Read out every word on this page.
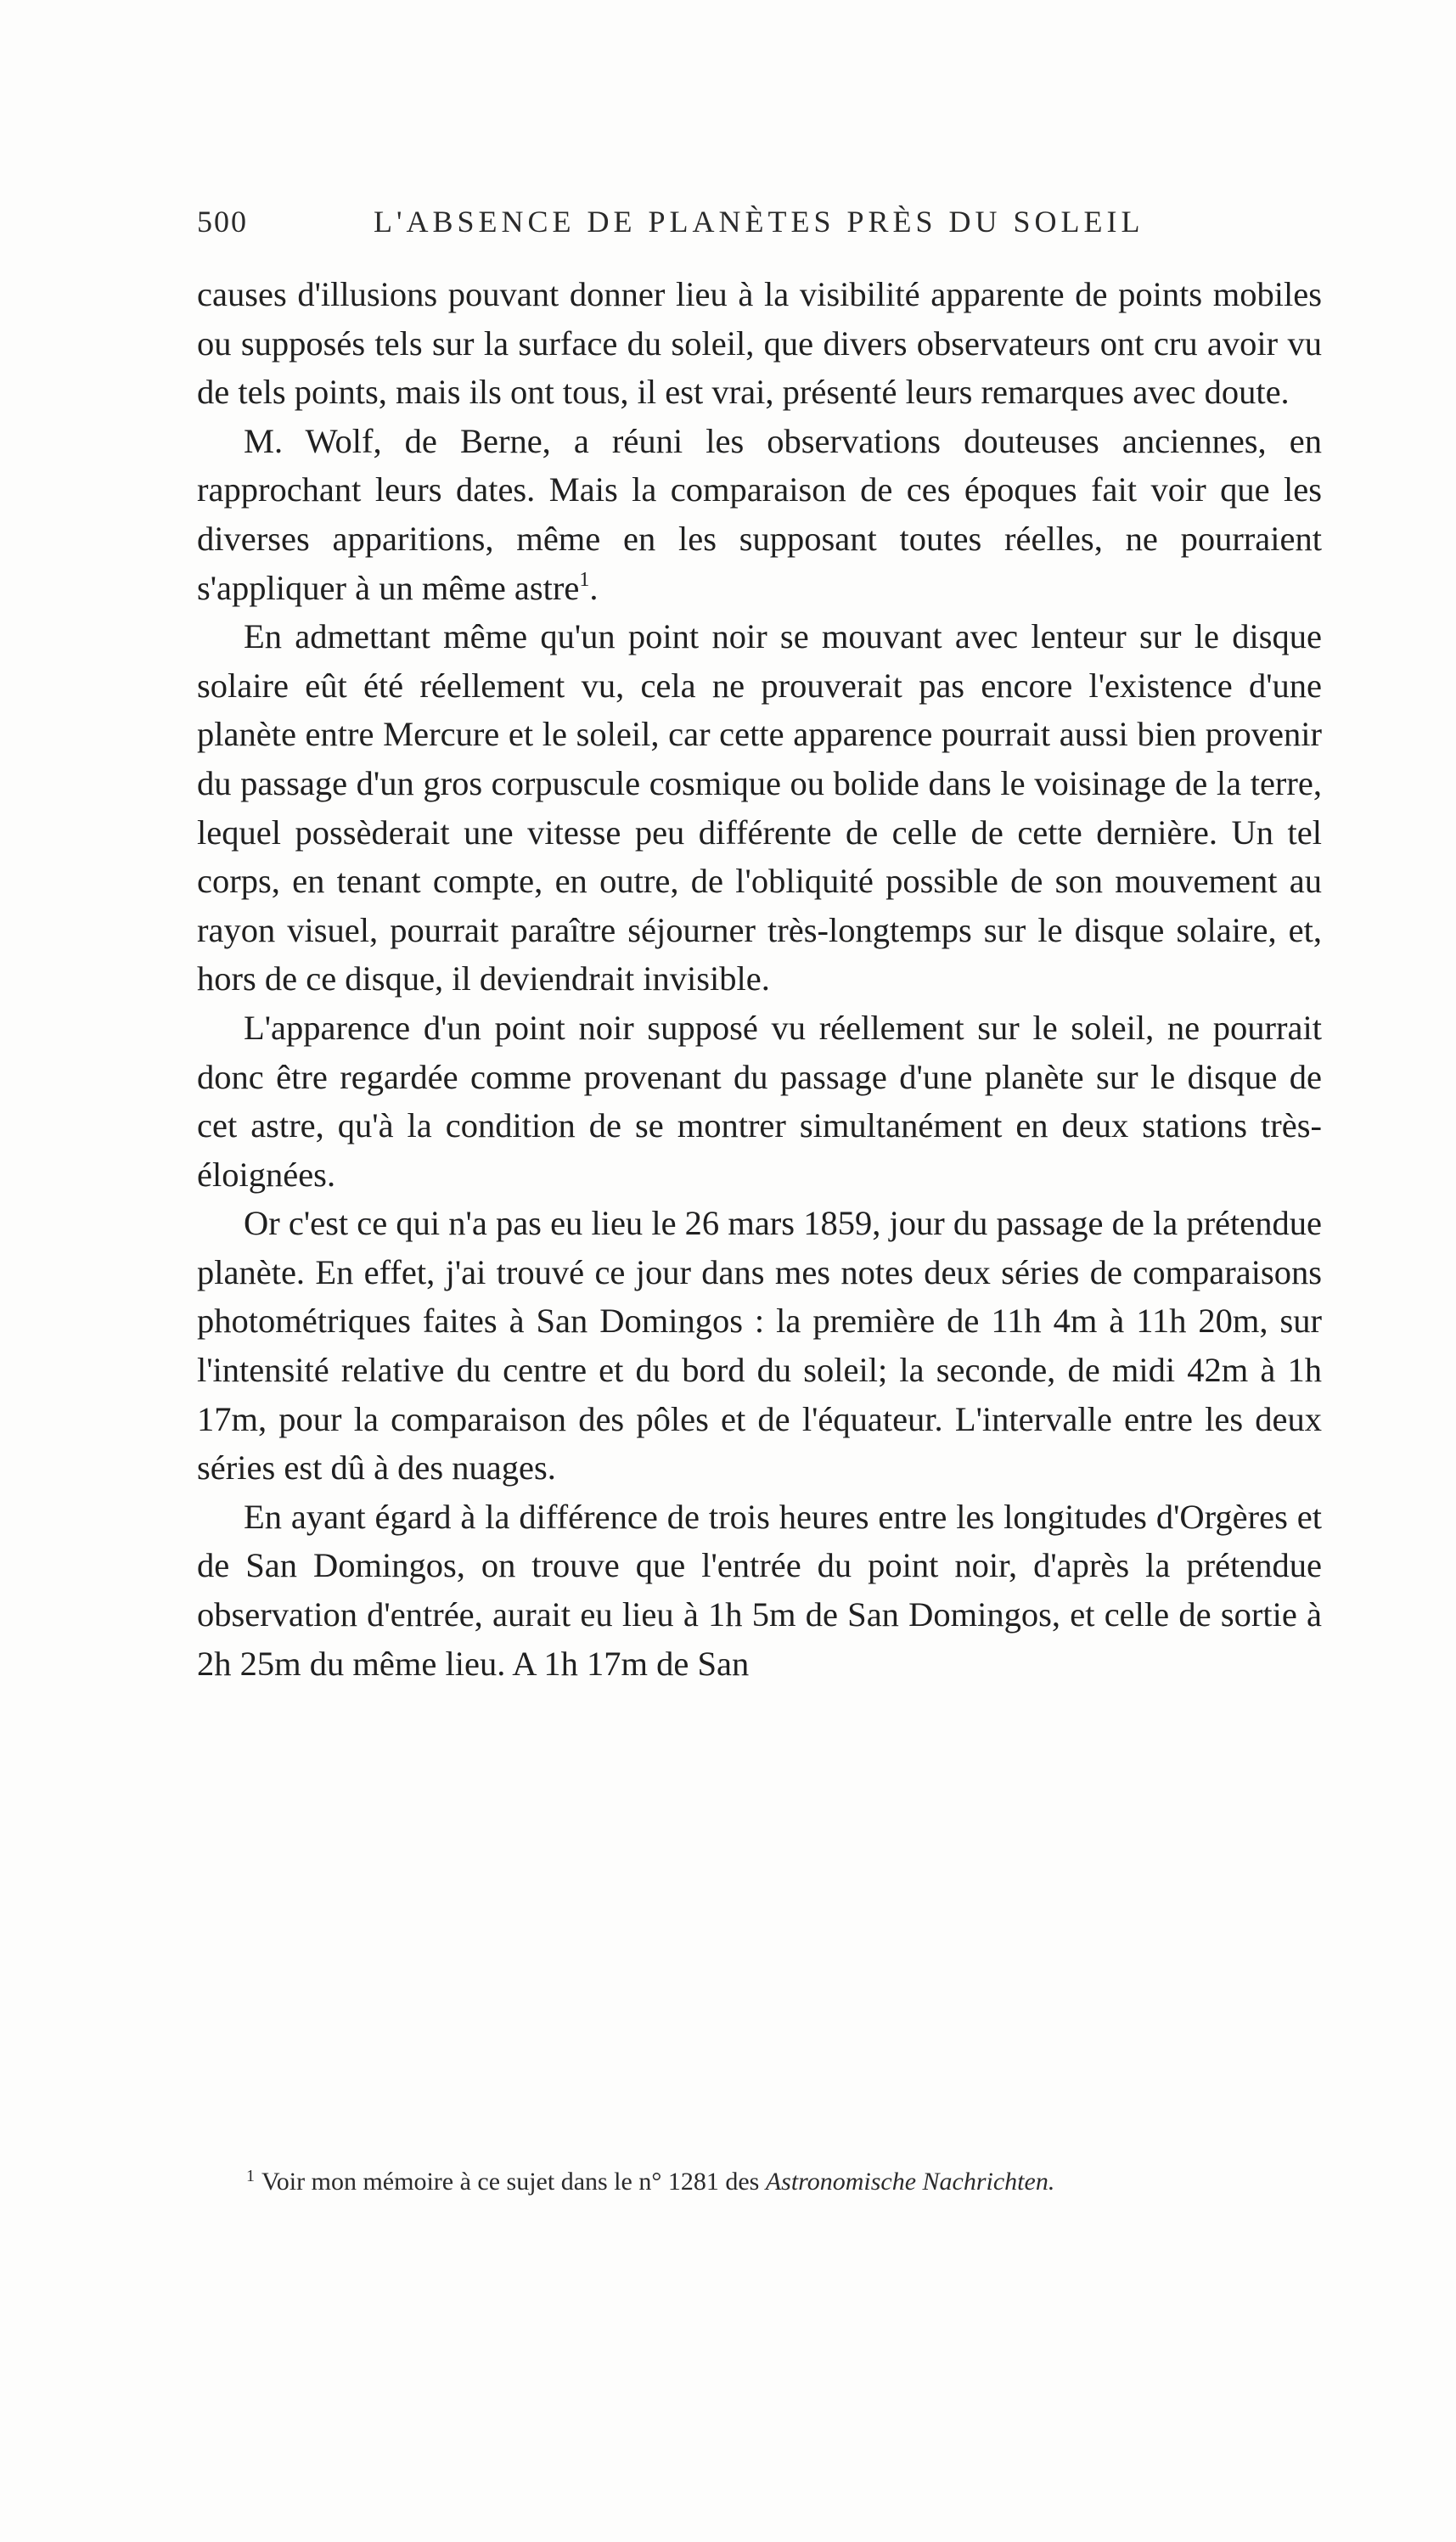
500	L'ABSENCE DE PLANÈTES PRÈS DU SOLEIL

causes d'illusions pouvant donner lieu à la visibilité apparente de points mobiles ou supposés tels sur la surface du soleil, que divers observateurs ont cru avoir vu de tels points, mais ils ont tous, il est vrai, présenté leurs remarques avec doute.

M. Wolf, de Berne, a réuni les observations douteuses anciennes, en rapprochant leurs dates. Mais la comparaison de ces époques fait voir que les diverses apparitions, même en les supposant toutes réelles, ne pourraient s'appliquer à un même astre$^1$.

En admettant même qu'un point noir se mouvant avec lenteur sur le disque solaire eût été réellement vu, cela ne prouverait pas encore l'existence d'une planète entre Mercure et le soleil, car cette apparence pourrait aussi bien provenir du passage d'un gros corpuscule cosmique ou bolide dans le voisinage de la terre, lequel possèderait une vitesse peu différente de celle de cette dernière. Un tel corps, en tenant compte, en outre, de l'obliquité possible de son mouvement au rayon visuel, pourrait paraître séjourner très-longtemps sur le disque solaire, et, hors de ce disque, il deviendrait invisible.

L'apparence d'un point noir supposé vu réellement sur le soleil, ne pourrait donc être regardée comme provenant du passage d'une planète sur le disque de cet astre, qu'à la condition de se montrer simultanément en deux stations très-éloignées.

Or c'est ce qui n'a pas eu lieu le 26 mars 1859, jour du passage de la prétendue planète. En effet, j'ai trouvé ce jour dans mes notes deux séries de comparaisons photométriques faites à San Domingos : la première de 11h 4m à 11h 20m, sur l'intensité relative du centre et du bord du soleil; la seconde, de midi 42m à 1h 17m, pour la comparaison des pôles et de l'équateur. L'intervalle entre les deux séries est dû à des nuages.

En ayant égard à la différence de trois heures entre les longitudes d'Orgères et de San Domingos, on trouve que l'entrée du point noir, d'après la prétendue observation d'entrée, aurait eu lieu à 1h 5m de San Domingos, et celle de sortie à 2h 25m du même lieu. A 1h 17m de San

$^1$ Voir mon mémoire à ce sujet dans le n° 1281 des Astronomische Nachrichten.
